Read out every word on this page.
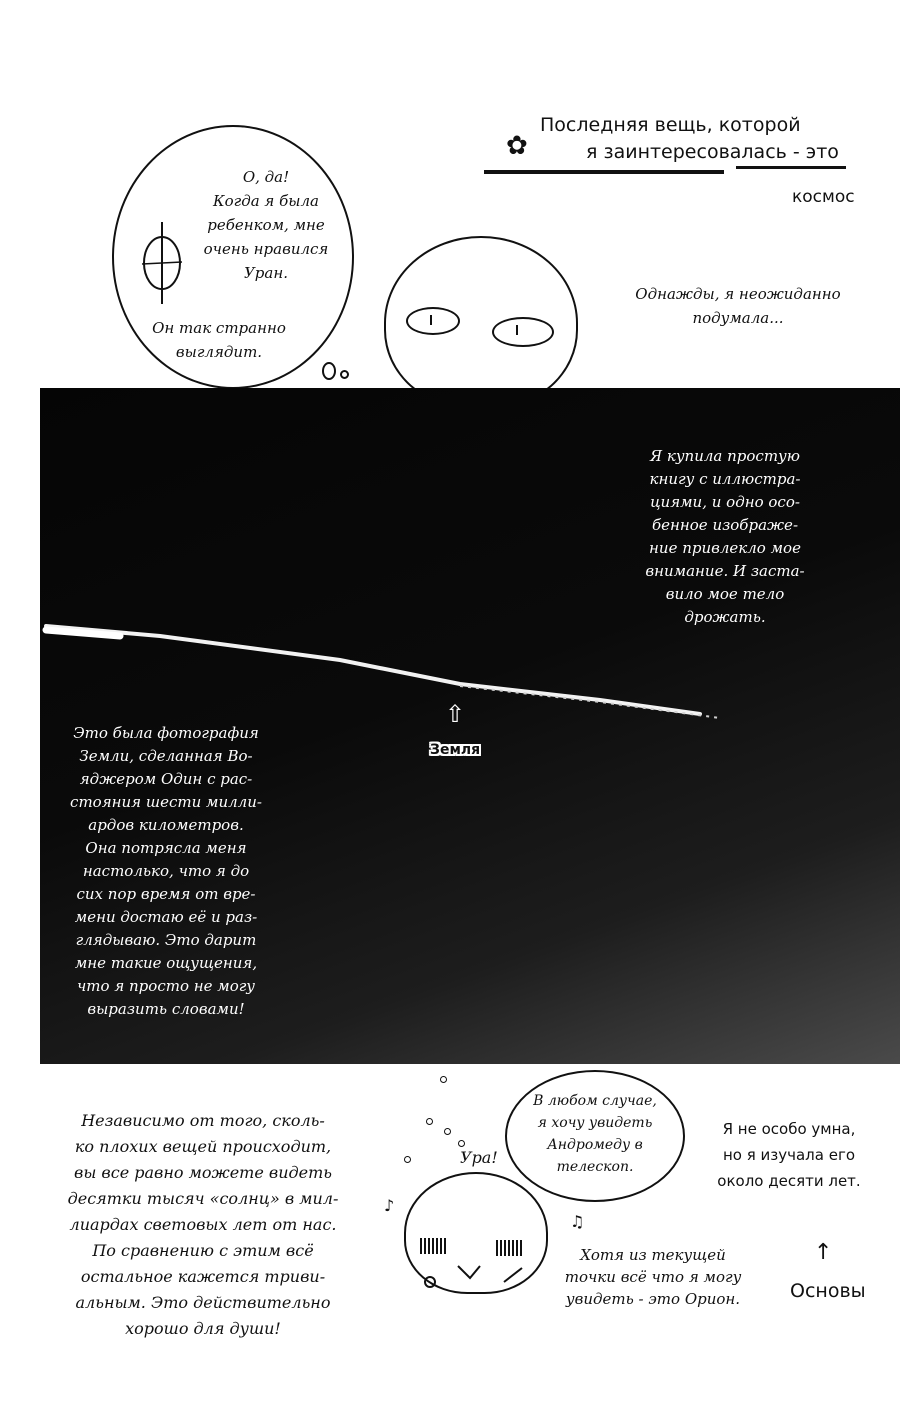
✿
Последняя вещь, которой
я заинтересовалась - это
космос
О, да!
Когда я была
ребенком, мне
очень нравился
Уран.
Он так странно
выглядит.
Однажды, я неожиданно
подумала...
Я купила простую
книгу с иллюстра-
циями, и одно осо-
бенное изображе-
ние привлекло мое
внимание. И заста-
вило мое тело
дрожать.
⇧
Земля
Это была фотография
Земли, сделанная Во-
яджером Один с рас-
стояния шести милли-
ардов километров.
Она потрясла меня
настолько, что я до
сих пор время от вре-
мени достаю её и раз-
глядываю. Это дарит
мне такие ощущения,
что я просто не могу
выразить словами!
Независимо от того, сколь-
ко плохих вещей происходит,
вы все равно можете видеть
десятки тысяч «солнц» в мил-
лиардах световых лет от нас.
По сравнению с этим всё
остальное кажется триви-
альным. Это действительно
хорошо для души!
В любом случае,
я хочу увидеть
Андромеду в
телескоп.
Ура!
♪
♫
Хотя из текущей
точки всё что я могу
увидеть - это Орион.
Я не особо умна,
но я изучала его
около десяти лет.
↑
Основы
